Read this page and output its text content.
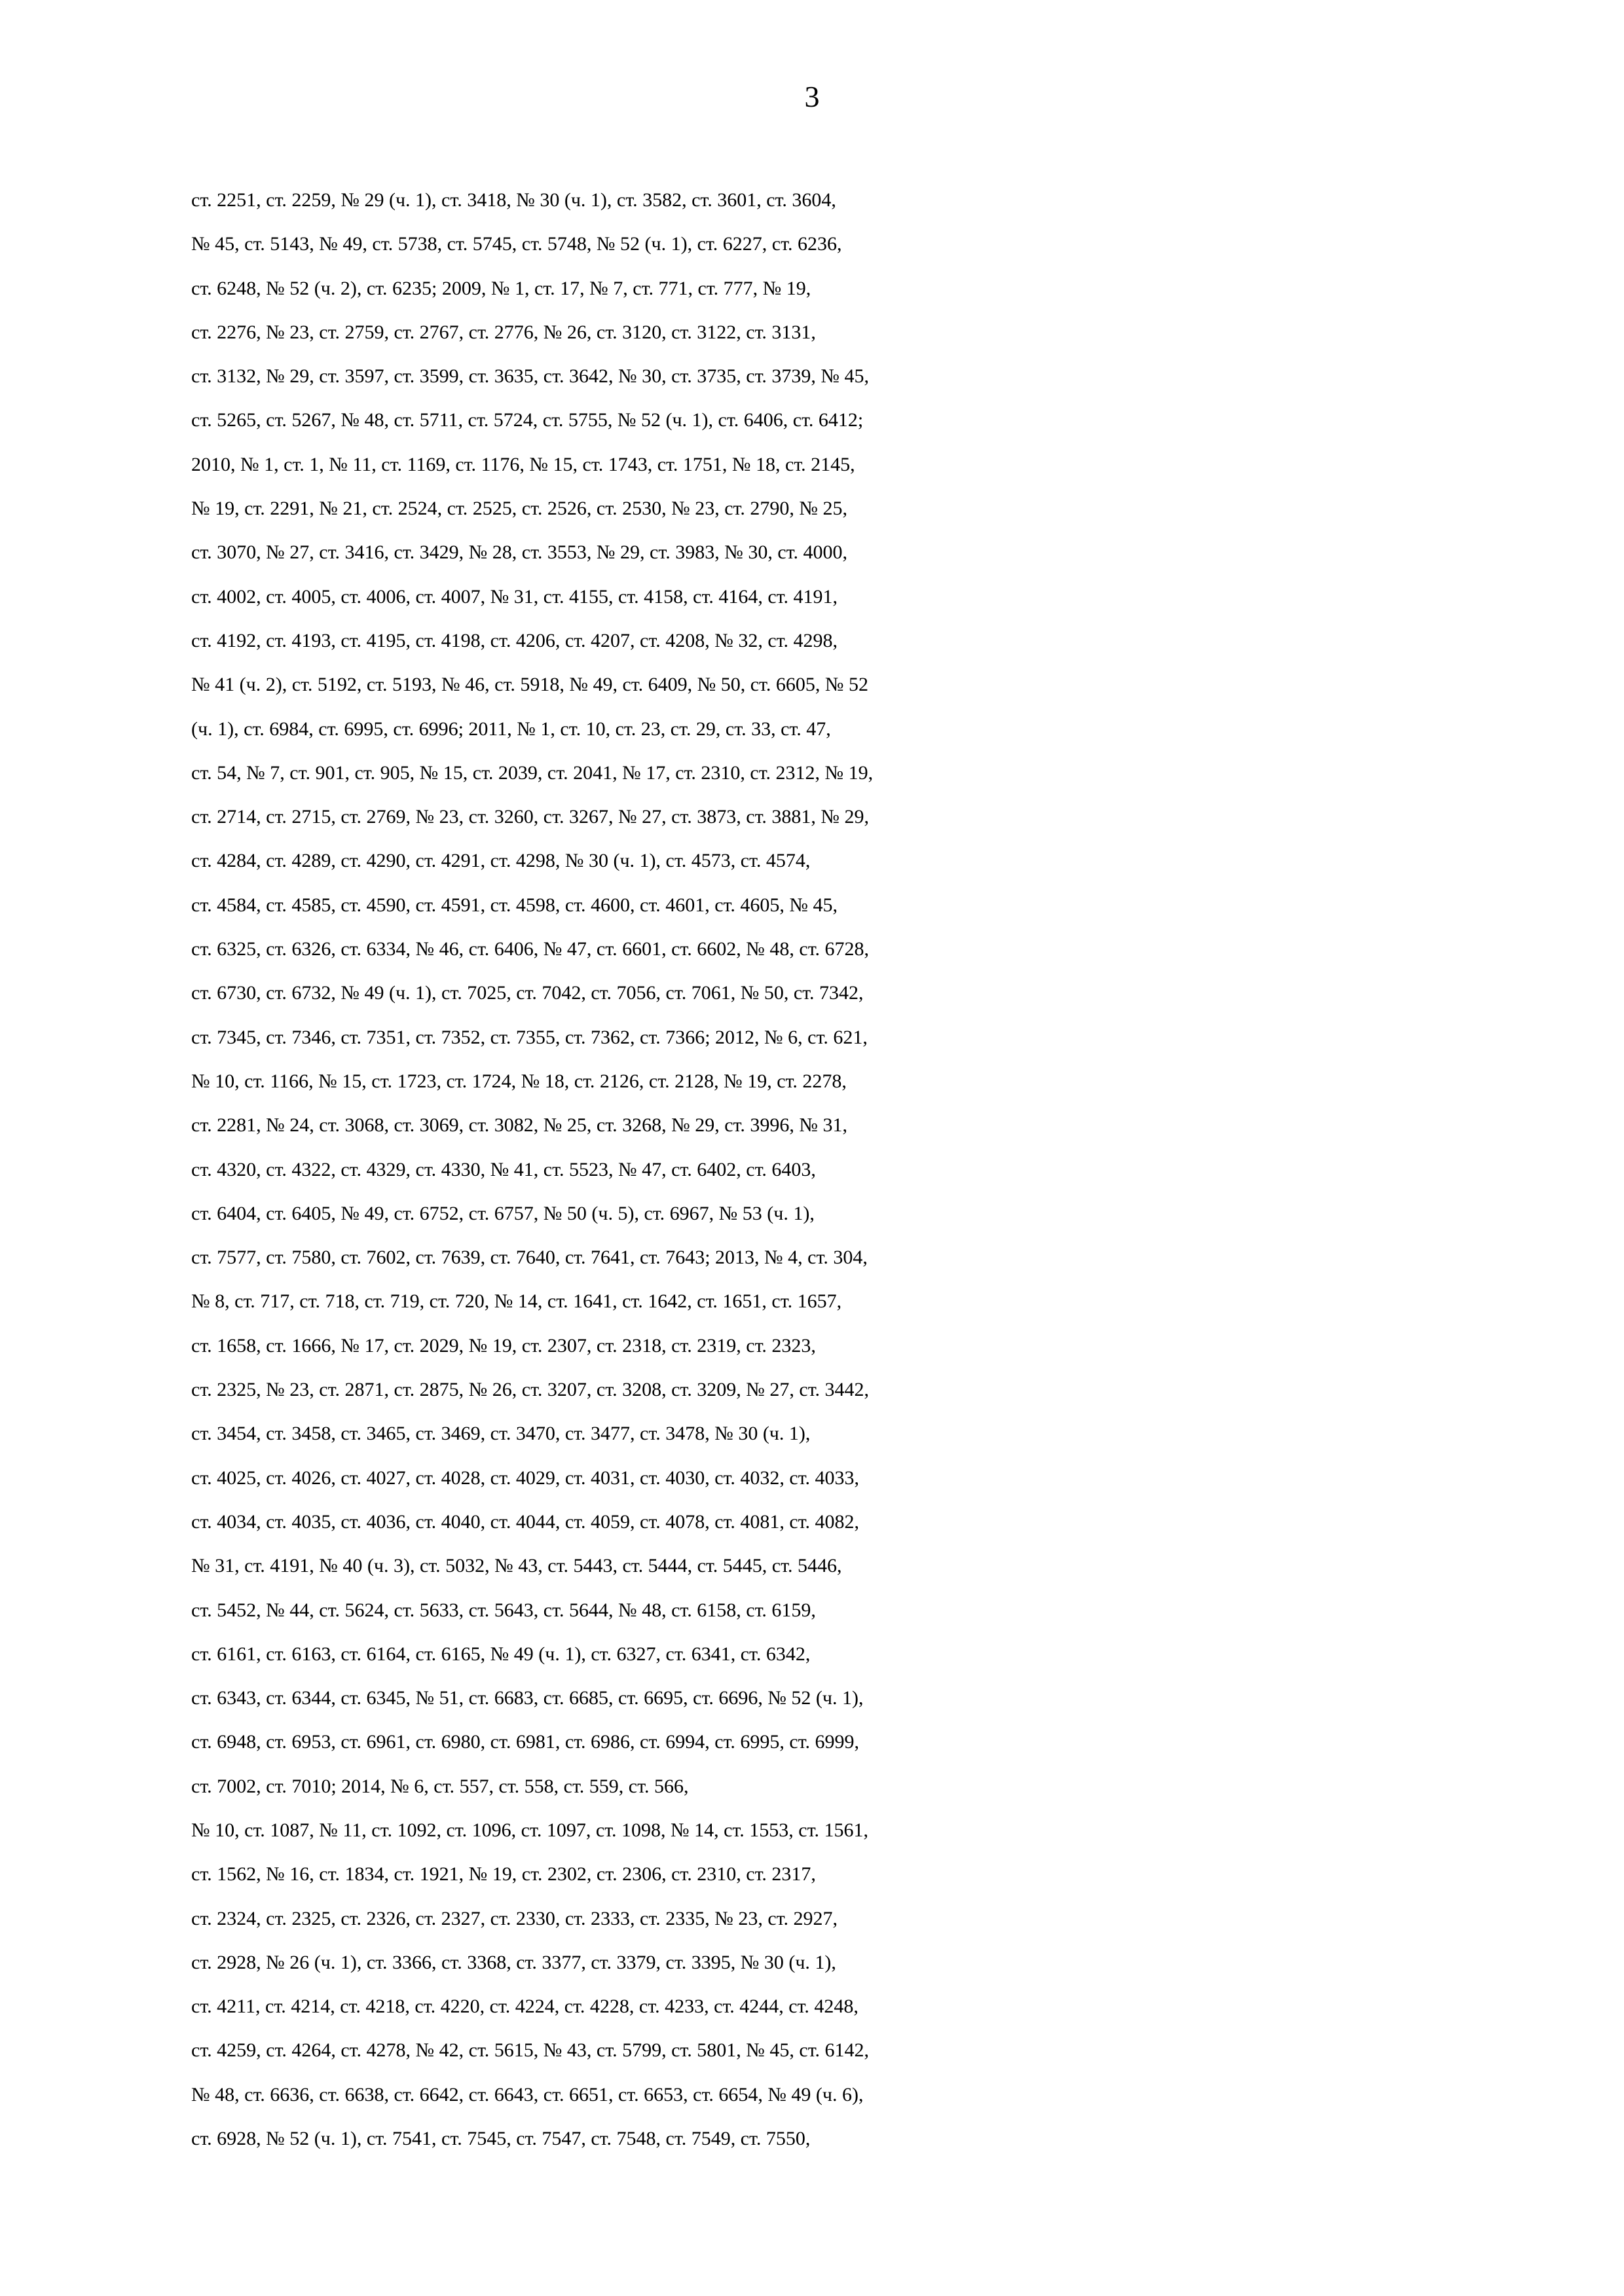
3
ст. 2251, ст. 2259, № 29 (ч. 1), ст. 3418, № 30 (ч. 1), ст. 3582, ст. 3601, ст. 3604,
№ 45, ст. 5143, № 49, ст. 5738, ст. 5745, ст. 5748, № 52 (ч. 1), ст. 6227, ст. 6236,
ст. 6248, № 52 (ч. 2), ст. 6235; 2009, № 1, ст. 17, № 7, ст. 771, ст. 777, № 19,
ст. 2276, № 23, ст. 2759, ст. 2767, ст. 2776, № 26, ст. 3120, ст. 3122, ст. 3131,
ст. 3132, № 29, ст. 3597, ст. 3599, ст. 3635, ст. 3642, № 30, ст. 3735, ст. 3739, № 45,
ст. 5265, ст. 5267, № 48, ст. 5711, ст. 5724, ст. 5755, № 52 (ч. 1), ст. 6406, ст. 6412;
2010, № 1, ст. 1, № 11, ст. 1169, ст. 1176, № 15, ст. 1743, ст. 1751, № 18, ст. 2145,
№ 19, ст. 2291, № 21, ст. 2524, ст. 2525, ст. 2526, ст. 2530, № 23, ст. 2790, № 25,
ст. 3070, № 27, ст. 3416, ст. 3429, № 28, ст. 3553, № 29, ст. 3983, № 30, ст. 4000,
ст. 4002, ст. 4005, ст. 4006, ст. 4007, № 31, ст. 4155, ст. 4158, ст. 4164, ст. 4191,
ст. 4192, ст. 4193, ст. 4195, ст. 4198, ст. 4206, ст. 4207, ст. 4208, № 32, ст. 4298,
№ 41 (ч. 2), ст. 5192, ст. 5193, № 46, ст. 5918, № 49, ст. 6409, № 50, ст. 6605, № 52
(ч. 1), ст. 6984, ст. 6995, ст. 6996; 2011, № 1, ст. 10, ст. 23, ст. 29, ст. 33, ст. 47,
ст. 54, № 7, ст. 901, ст. 905, № 15, ст. 2039, ст. 2041, № 17, ст. 2310, ст. 2312, № 19,
ст. 2714, ст. 2715, ст. 2769, № 23, ст. 3260, ст. 3267, № 27, ст. 3873, ст. 3881, № 29,
ст. 4284, ст. 4289, ст. 4290, ст. 4291, ст. 4298, № 30 (ч. 1), ст. 4573, ст. 4574,
ст. 4584, ст. 4585, ст. 4590, ст. 4591, ст. 4598, ст. 4600, ст. 4601, ст. 4605, № 45,
ст. 6325, ст. 6326, ст. 6334, № 46, ст. 6406, № 47, ст. 6601, ст. 6602, № 48, ст. 6728,
ст. 6730, ст. 6732, № 49 (ч. 1), ст. 7025, ст. 7042, ст. 7056, ст. 7061, № 50, ст. 7342,
ст. 7345, ст. 7346, ст. 7351, ст. 7352, ст. 7355, ст. 7362, ст. 7366; 2012, № 6, ст. 621,
№ 10, ст. 1166, № 15, ст. 1723, ст. 1724, № 18, ст. 2126, ст. 2128, № 19, ст. 2278,
ст. 2281, № 24, ст. 3068, ст. 3069, ст. 3082, № 25, ст. 3268, № 29, ст. 3996, № 31,
ст. 4320, ст. 4322, ст. 4329, ст. 4330, № 41, ст. 5523, № 47, ст. 6402, ст. 6403,
ст. 6404, ст. 6405, № 49, ст. 6752, ст. 6757, № 50 (ч. 5), ст. 6967, № 53 (ч. 1),
ст. 7577, ст. 7580, ст. 7602, ст. 7639, ст. 7640, ст. 7641, ст. 7643; 2013, № 4, ст. 304,
№ 8, ст. 717, ст. 718, ст. 719, ст. 720, № 14, ст. 1641, ст. 1642, ст. 1651, ст. 1657,
ст. 1658, ст. 1666, № 17, ст. 2029, № 19, ст. 2307, ст. 2318, ст. 2319, ст. 2323,
ст. 2325, № 23, ст. 2871, ст. 2875, № 26, ст. 3207, ст. 3208, ст. 3209, № 27, ст. 3442,
ст. 3454, ст. 3458, ст. 3465, ст. 3469, ст. 3470, ст. 3477, ст. 3478, № 30 (ч. 1),
ст. 4025, ст. 4026, ст. 4027, ст. 4028, ст. 4029, ст. 4031, ст. 4030, ст. 4032, ст. 4033,
ст. 4034, ст. 4035, ст. 4036, ст. 4040, ст. 4044, ст. 4059, ст. 4078, ст. 4081, ст. 4082,
№ 31, ст. 4191, № 40 (ч. 3), ст. 5032, № 43, ст. 5443, ст. 5444, ст. 5445, ст. 5446,
ст. 5452, № 44, ст. 5624, ст. 5633, ст. 5643, ст. 5644, № 48, ст. 6158, ст. 6159,
ст. 6161, ст. 6163, ст. 6164, ст. 6165, № 49 (ч. 1), ст. 6327, ст. 6341, ст. 6342,
ст. 6343, ст. 6344, ст. 6345, № 51, ст. 6683, ст. 6685, ст. 6695, ст. 6696, № 52 (ч. 1),
ст. 6948, ст. 6953, ст. 6961, ст. 6980, ст. 6981, ст. 6986, ст. 6994, ст. 6995, ст. 6999,
ст. 7002, ст. 7010; 2014, № 6, ст. 557, ст. 558, ст. 559, ст. 566,
№ 10, ст. 1087, № 11, ст. 1092, ст. 1096, ст. 1097, ст. 1098, № 14, ст. 1553, ст. 1561,
ст. 1562, № 16, ст. 1834, ст. 1921, № 19, ст. 2302, ст. 2306, ст. 2310, ст. 2317,
ст. 2324, ст. 2325, ст. 2326, ст. 2327, ст. 2330, ст. 2333, ст. 2335, № 23, ст. 2927,
ст. 2928, № 26 (ч. 1), ст. 3366, ст. 3368, ст. 3377, ст. 3379, ст. 3395, № 30 (ч. 1),
ст. 4211, ст. 4214, ст. 4218, ст. 4220, ст. 4224, ст. 4228, ст. 4233, ст. 4244, ст. 4248,
ст. 4259, ст. 4264, ст. 4278, № 42, ст. 5615, № 43, ст. 5799, ст. 5801, № 45, ст. 6142,
№ 48, ст. 6636, ст. 6638, ст. 6642, ст. 6643, ст. 6651, ст. 6653, ст. 6654, № 49 (ч. 6),
ст. 6928, № 52 (ч. 1), ст. 7541, ст. 7545, ст. 7547, ст. 7548, ст. 7549, ст. 7550,
